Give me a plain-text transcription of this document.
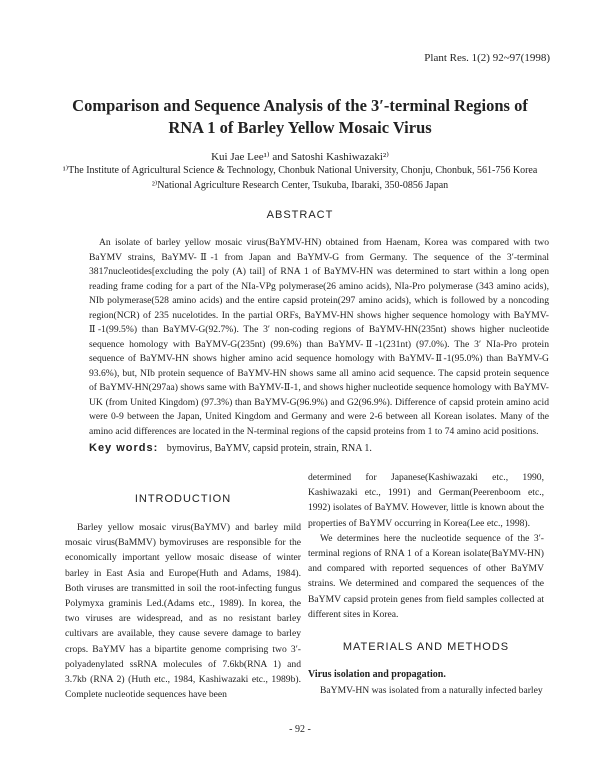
Plant Res. 1(2) 92~97(1998)
Comparison and Sequence Analysis of the 3′-terminal Regions of RNA 1 of Barley Yellow Mosaic Virus
Kui Jae Lee¹⁾ and Satoshi Kashiwazaki²⁾
¹⁾The Institute of Agricultural Science & Technology, Chonbuk National University, Chonju, Chonbuk, 561-756 Korea
²⁾National Agriculture Research Center, Tsukuba, Ibaraki, 350-0856 Japan
ABSTRACT

An isolate of barley yellow mosaic virus(BaYMV-HN) obtained from Haenam, Korea was compared with two BaYMV strains, BaYMV-Ⅱ-1 from Japan and BaYMV-G from Germany. The sequence of the 3′-terminal 3817nucleotides[excluding the poly (A) tail] of RNA 1 of BaYMV-HN was determined to start within a long open reading frame coding for a part of the NIa-VPg polymerase(26 amino acids), NIa-Pro polymerase (343 amino acids), NIb polymerase(528 amino acids) and the entire capsid protein(297 amino acids), which is followed by a noncoding region(NCR) of 235 nucelotides. In the partial ORFs, BaYMV-HN shows higher sequence homology with BaYMV-Ⅱ-1(99.5%) than BaYMV-G(92.7%). The 3′ non-coding regions of BaYMV-HN(235nt) shows higher nucleotide sequence homology with BaYMV-G(235nt) (99.6%) than BaYMV-Ⅱ-1(231nt) (97.0%). The 3′ NIa-Pro protein sequence of BaYMV-HN shows higher amino acid sequence homology with BaYMV-Ⅱ-1(95.0%) than BaYMV-G 93.6%), but, NIb protein sequence of BaYMV-HN shows same all amino acid sequence. The capsid protein sequence of BaYMV-HN(297aa) shows same with BaYMV-Ⅱ-1, and shows higher nucleotide sequence homology with BaYMV-UK (from United Kingdom) (97.3%) than BaYMV-G(96.9%) and G2(96.9%). Difference of capsid protein amino acid were 0-9 between the Japan, United Kingdom and Germany and were 2-6 between all Korean isolates. Many of the amino acid differences are located in the N-terminal regions of the capsid proteins from 1 to 74 amino acid positions.

Key words: bymovirus, BaYMV, capsid protein, strain, RNA 1.
INTRODUCTION

Barley yellow mosaic virus(BaYMV) and barley mild mosaic virus(BaMMV) bymoviruses are responsible for the economically important yellow mosaic disease of winter barley in East Asia and Europe(Huth and Adams, 1984). Both viruses are transmitted in soil the root-infecting fungus Polymyxa graminis Led.(Adams etc., 1989). In korea, the two viruses are widespread, and as no resistant barley cultivars are available, they cause severe damage to barley crops. BaYMV has a bipartite genome comprising two 3′-polyadenylated ssRNA molecules of 7.6kb(RNA 1) and 3.7kb (RNA 2) (Huth etc., 1984, Kashiwazaki etc., 1989b). Complete nucleotide sequences have been

determined for Japanese(Kashiwazaki etc., 1990, Kashiwazaki etc., 1991) and German(Peerenboom etc., 1992) isolates of BaYMV. However, little is known about the properties of BaYMV occurring in Korea(Lee etc., 1998).

We determines here the nucleotide sequence of the 3′-terminal regions of RNA 1 of a Korean isolate(BaYMV-HN) and compared with reported sequences of other BaYMV strains. We determined and compared the sequences of the BaYMV capsid protein genes from field samples collected at different sites in Korea.

MATERIALS AND METHODS
Virus isolation and propagation.
BaYMV-HN was isolated from a naturally infected barley
- 92 -
